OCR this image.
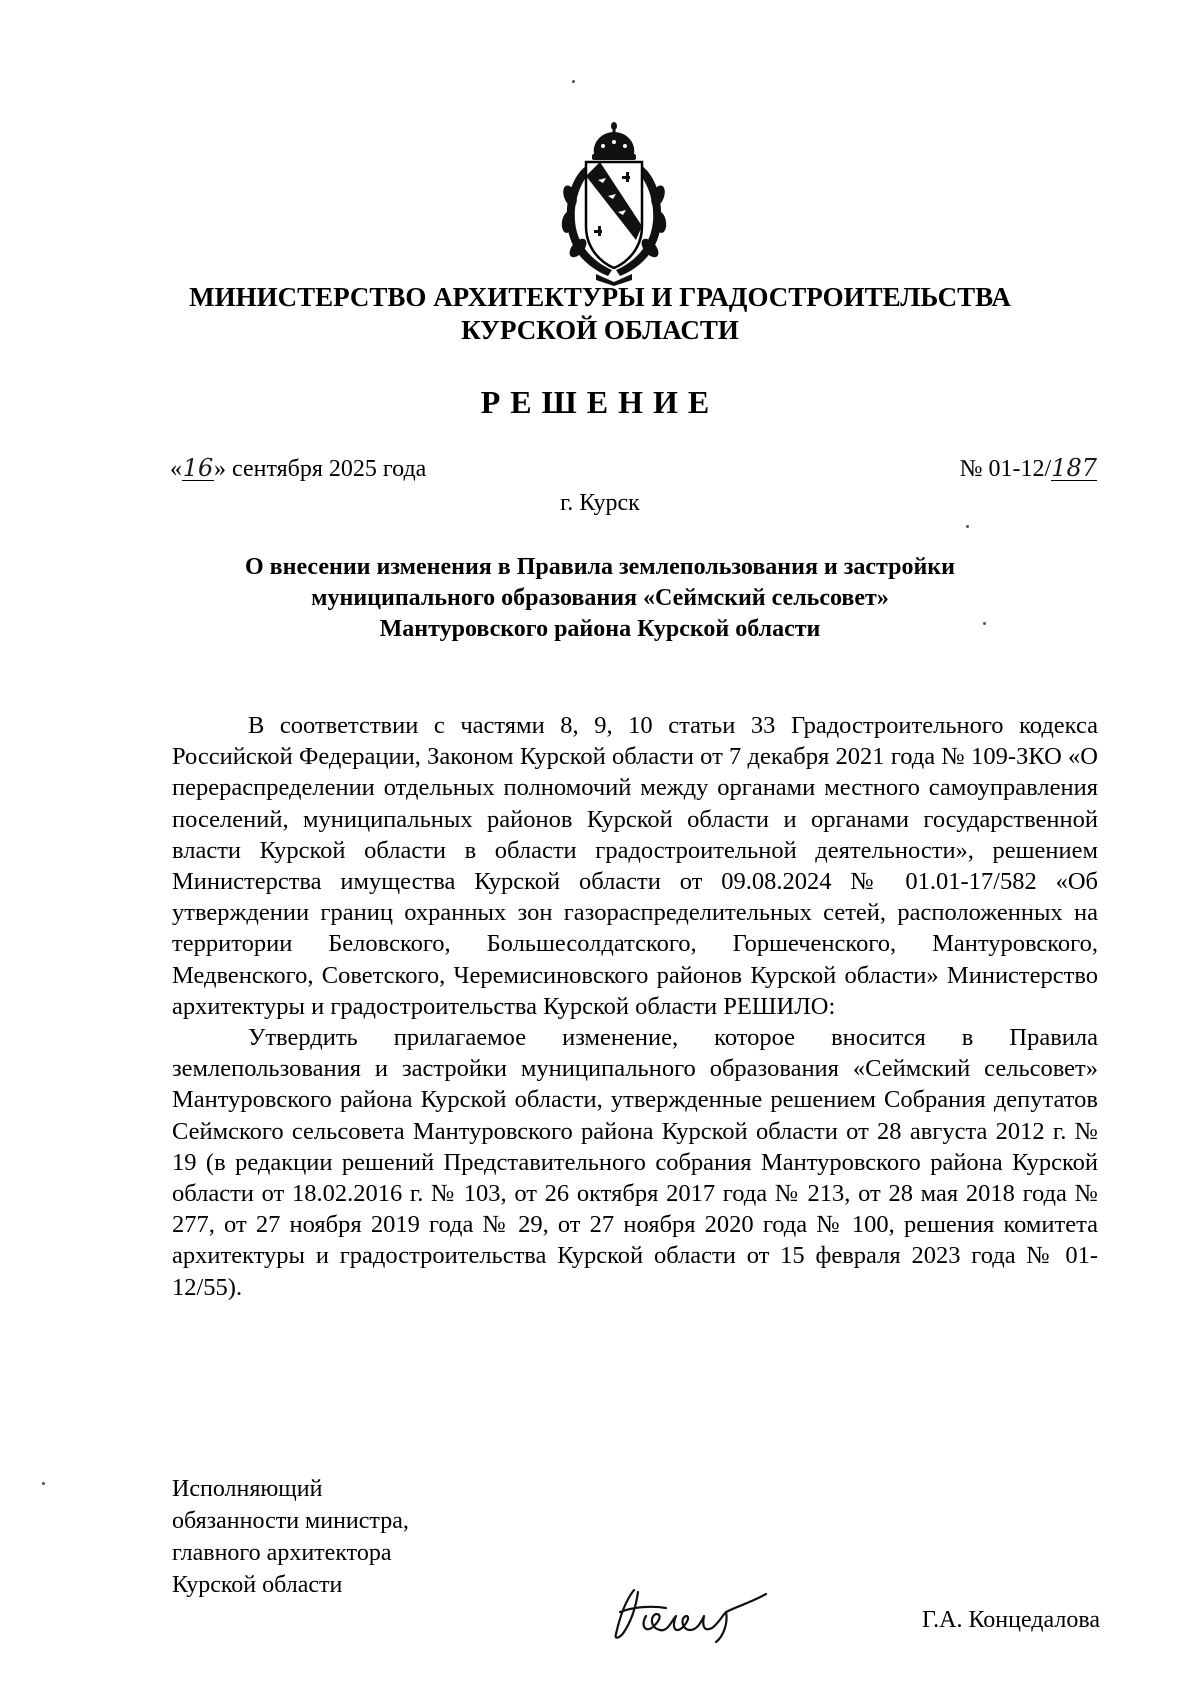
МИНИСТЕРСТВО АРХИТЕКТУРЫ И ГРАДОСТРОИТЕЛЬСТВА
КУРСКОЙ ОБЛАСТИ
РЕШЕНИЕ
«16» сентября 2025 года	№ 01-12/187
г. Курск
О внесении изменения в Правила землепользования и застройки
муниципального образования «Сеймский сельсовет»
Мантуровского района Курской области

В соответствии с частями 8, 9, 10 статьи 33 Градостроительного кодекса Российской Федерации, Законом Курской области от 7 декабря 2021 года № 109-ЗКО «О перераспределении отдельных полномочий между органами местного самоуправления поселений, муниципальных районов Курской области и органами государственной власти Курской области в области градостроительной деятельности», решением Министерства имущества Курской области от 09.08.2024 № 01.01-17/582 «Об утверждении границ охранных зон газораспределительных сетей, расположенных на территории Беловского, Большесолдатского, Горшеченского, Мантуровского, Медвенского, Советского, Черемисиновского районов Курской области» Министерство архитектуры и градостроительства Курской области РЕШИЛО:

Утвердить прилагаемое изменение, которое вносится в Правила землепользования и застройки муниципального образования «Сеймский сельсовет» Мантуровского района Курской области, утвержденные решением Собрания депутатов Сеймского сельсовета Мантуровского района Курской области от 28 августа 2012 г. № 19 (в редакции решений Представительного собрания Мантуровского района Курской области от 18.02.2016 г. № 103, от 26 октября 2017 года № 213, от 28 мая 2018 года № 277, от 27 ноября 2019 года № 29, от 27 ноября 2020 года № 100, решения комитета архитектуры и градостроительства Курской области от 15 февраля 2023 года № 01-12/55).

Исполняющий
обязанности министра,
главного архитектора
Курской области
Г.А. Концедалова
